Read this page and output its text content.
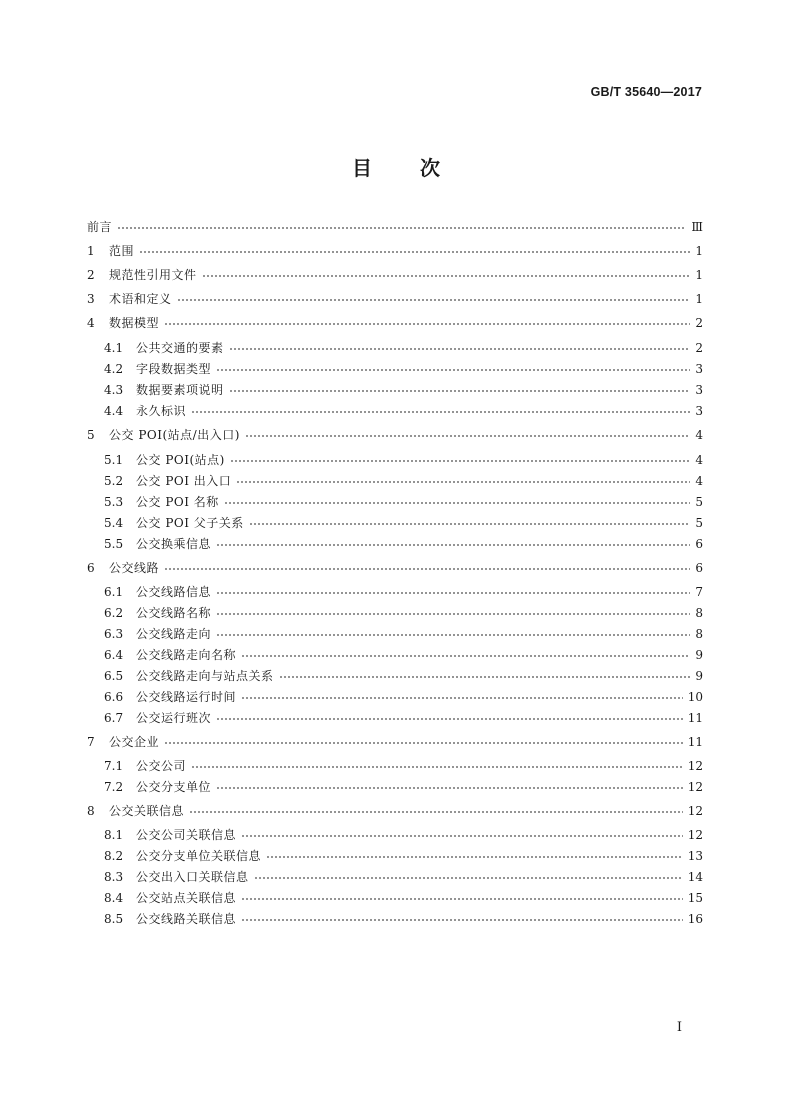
GB/T 35640—2017
目 次
前言	Ⅲ
1	范围	1
2	规范性引用文件	1
3	术语和定义	1
4	数据模型	2
4.1	公共交通的要素	2
4.2	字段数据类型	3
4.3	数据要素项说明	3
4.4	永久标识	3
5	公交 POI(站点/出入口)	4
5.1	公交 POI(站点)	4
5.2	公交 POI 出入口	4
5.3	公交 POI 名称	5
5.4	公交 POI 父子关系	5
5.5	公交换乘信息	6
6	公交线路	6
6.1	公交线路信息	7
6.2	公交线路名称	8
6.3	公交线路走向	8
6.4	公交线路走向名称	9
6.5	公交线路走向与站点关系	9
6.6	公交线路运行时间	10
6.7	公交运行班次	11
7	公交企业	11
7.1	公交公司	12
7.2	公交分支单位	12
8	公交关联信息	12
8.1	公交公司关联信息	12
8.2	公交分支单位关联信息	13
8.3	公交出入口关联信息	14
8.4	公交站点关联信息	15
8.5	公交线路关联信息	16
Ⅰ
